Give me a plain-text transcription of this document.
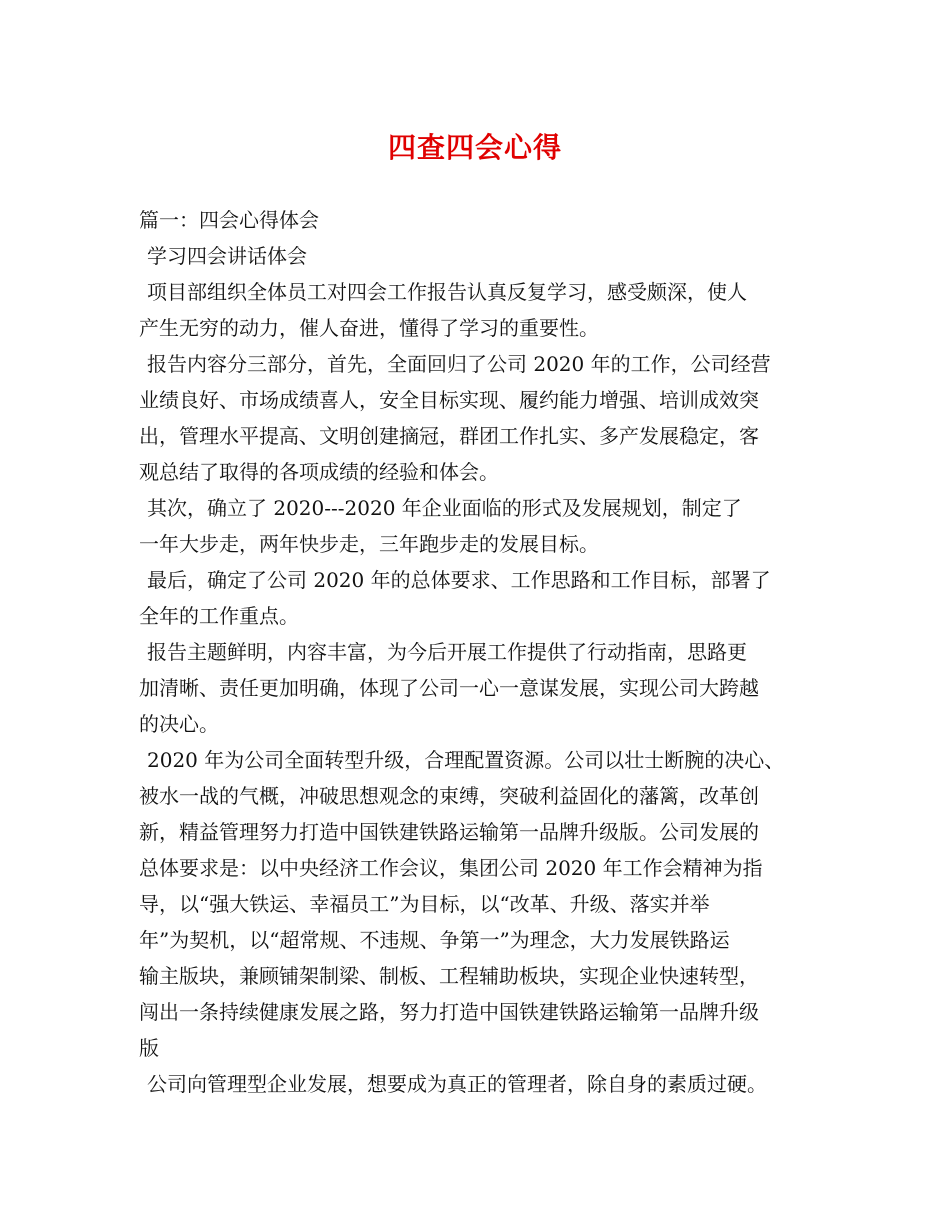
四查四会心得
篇一：四会心得体会
学习四会讲话体会
项目部组织全体员工对四会工作报告认真反复学习，感受颇深，使人
产生无穷的动力，催人奋进，懂得了学习的重要性。
报告内容分三部分，首先，全面回归了公司 2020 年的工作，公司经营
业绩良好、市场成绩喜人，安全目标实现、履约能力增强、培训成效突
出，管理水平提高、文明创建摘冠，群团工作扎实、多产发展稳定，客
观总结了取得的各项成绩的经验和体会。
其次，确立了 2020---2020 年企业面临的形式及发展规划，制定了
一年大步走，两年快步走，三年跑步走的发展目标。
最后，确定了公司 2020 年的总体要求、工作思路和工作目标，部署了
全年的工作重点。
报告主题鲜明，内容丰富，为今后开展工作提供了行动指南，思路更
加清晰、责任更加明确，体现了公司一心一意谋发展，实现公司大跨越
的决心。
2020 年为公司全面转型升级，合理配置资源。公司以壮士断腕的决心、
被水一战的气概，冲破思想观念的束缚，突破利益固化的藩篱，改革创
新，精益管理努力打造中国铁建铁路运输第一品牌升级版。公司发展的
总体要求是：以中央经济工作会议，集团公司 2020 年工作会精神为指
导，以“强大铁运、幸福员工”为目标，以“改革、升级、落实并举
年”为契机，以“超常规、不违规、争第一”为理念，大力发展铁路运
输主版块，兼顾铺架制梁、制板、工程辅助板块，实现企业快速转型，
闯出一条持续健康发展之路，努力打造中国铁建铁路运输第一品牌升级
版
公司向管理型企业发展，想要成为真正的管理者，除自身的素质过硬。
